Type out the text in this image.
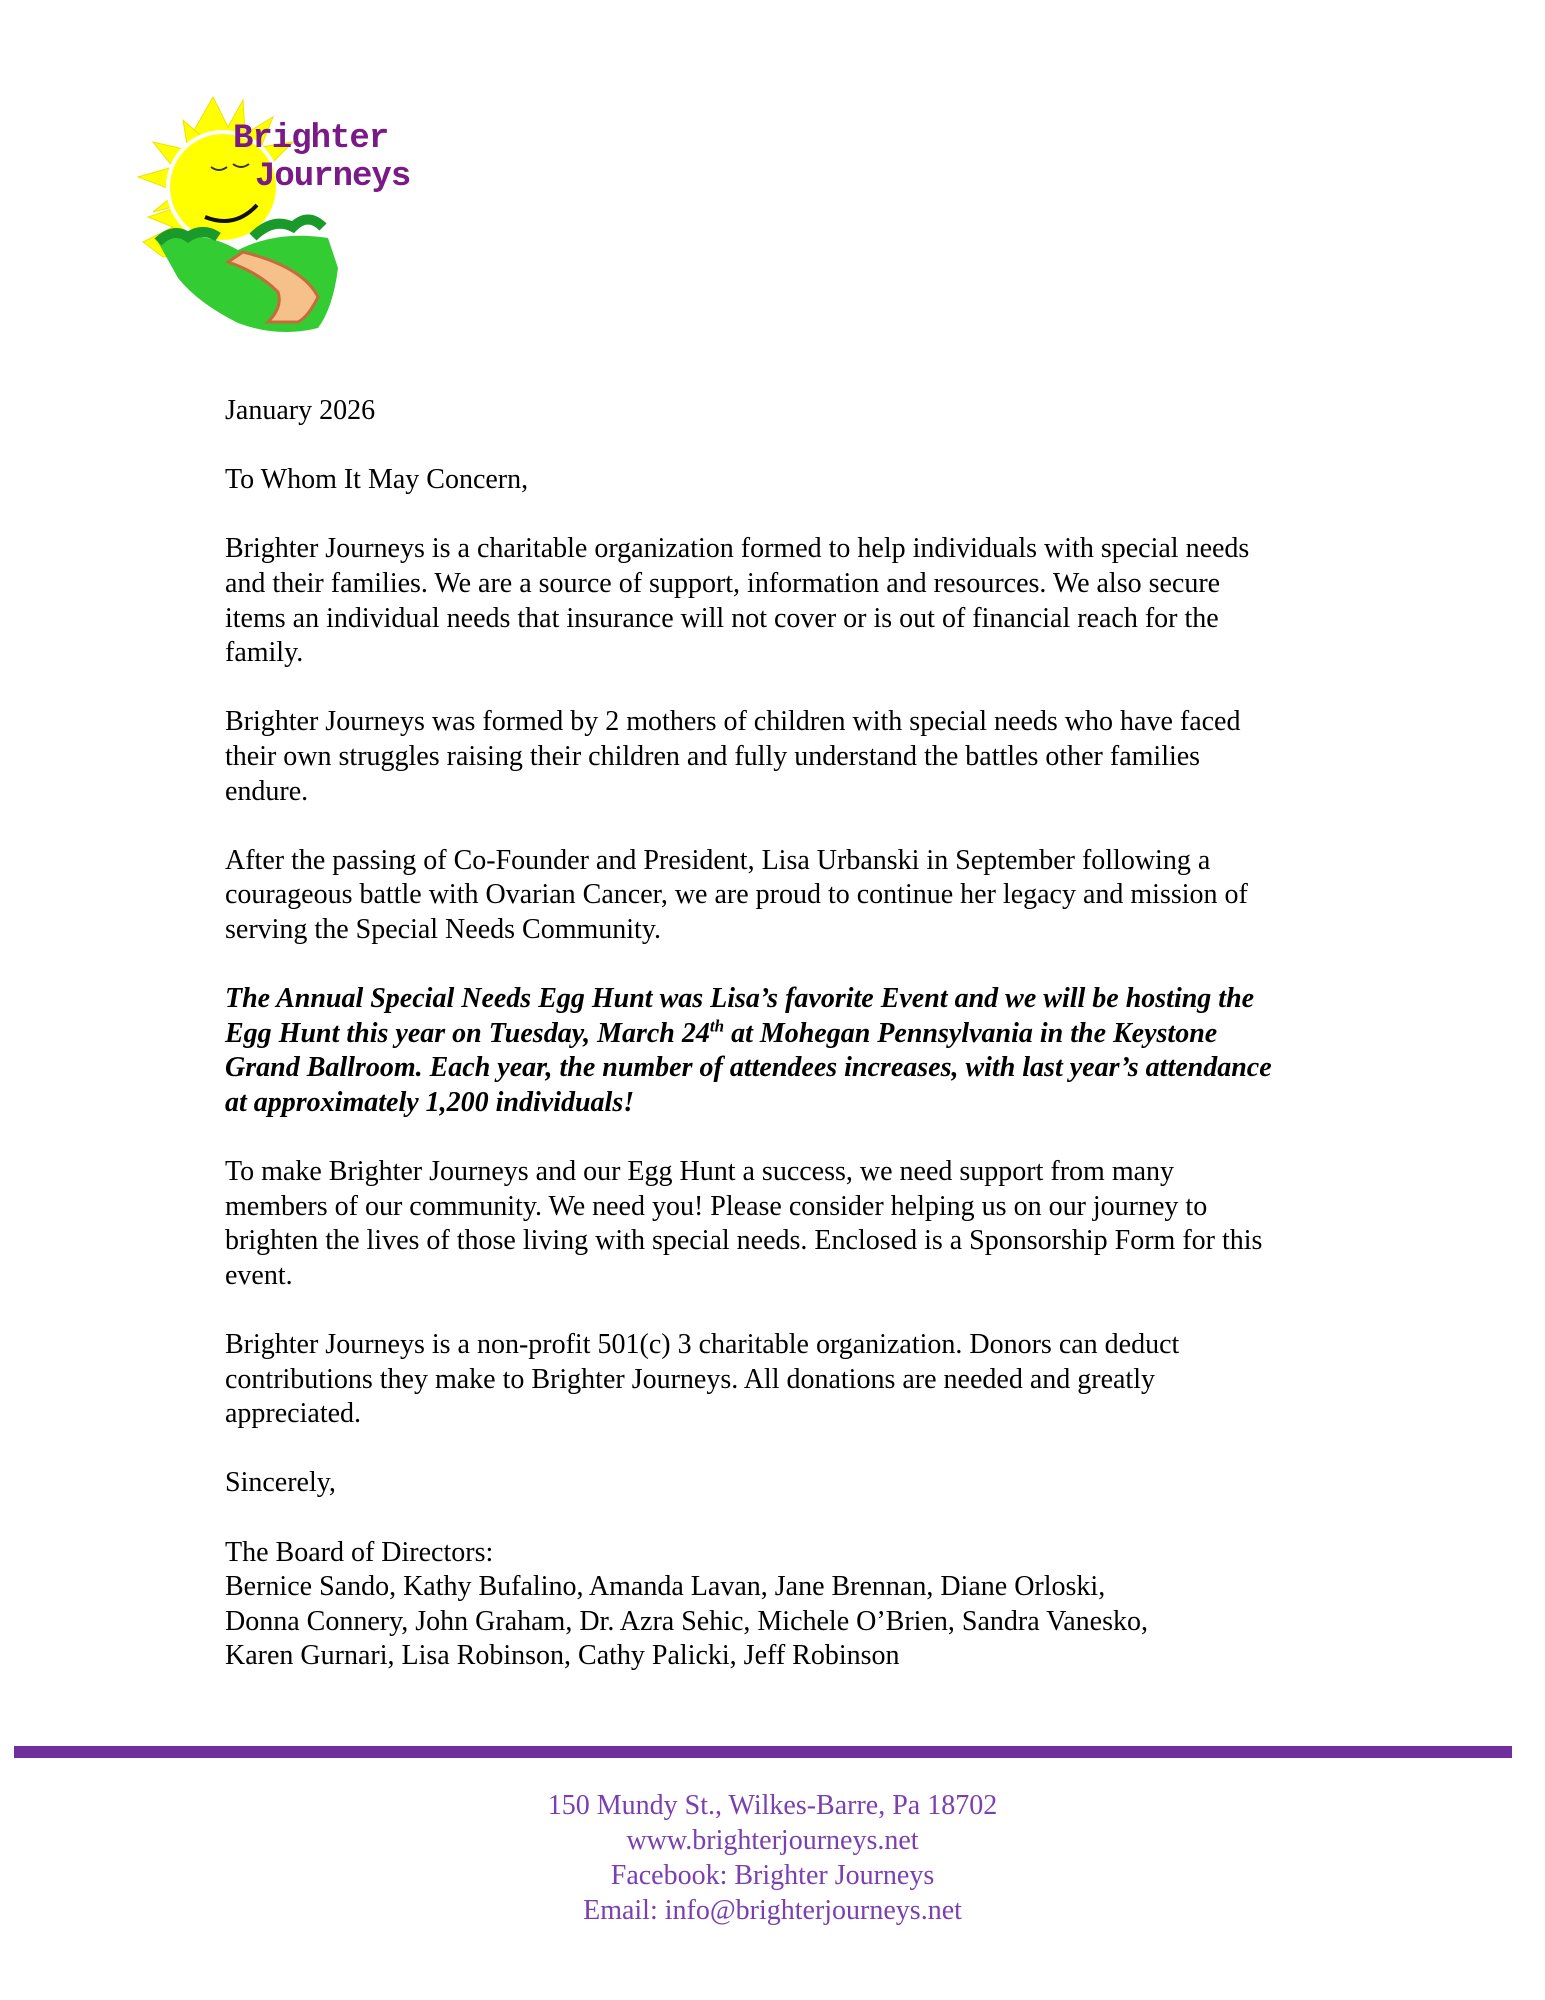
Brighter
Journeys
January 2026
To Whom It May Concern,
Brighter Journeys is a charitable organization formed to help individuals with special needs
and their families. We are a source of support, information and resources. We also secure
items an individual needs that insurance will not cover or is out of financial reach for the
family.
Brighter Journeys was formed by 2 mothers of children with special needs who have faced
their own struggles raising their children and fully understand the battles other families
endure.
After the passing of Co-Founder and President, Lisa Urbanski in September following a
courageous battle with Ovarian Cancer, we are proud to continue her legacy and mission of
serving the Special Needs Community.
The Annual Special Needs Egg Hunt was Lisa’s favorite Event and we will be hosting the
Egg Hunt this year on Tuesday, March 24th at Mohegan Pennsylvania in the Keystone
Grand Ballroom. Each year, the number of attendees increases, with last year’s attendance
at approximately 1,200 individuals!
To make Brighter Journeys and our Egg Hunt a success, we need support from many
members of our community. We need you! Please consider helping us on our journey to
brighten the lives of those living with special needs. Enclosed is a Sponsorship Form for this
event.
Brighter Journeys is a non-profit 501(c) 3 charitable organization. Donors can deduct
contributions they make to Brighter Journeys. All donations are needed and greatly
appreciated.
Sincerely,
The Board of Directors:
Bernice Sando, Kathy Bufalino, Amanda Lavan, Jane Brennan, Diane Orloski,
Donna Connery, John Graham, Dr. Azra Sehic, Michele O’Brien, Sandra Vanesko,
Karen Gurnari, Lisa Robinson, Cathy Palicki, Jeff Robinson
150 Mundy St., Wilkes-Barre, Pa 18702
www.brighterjourneys.net
Facebook: Brighter Journeys
Email: info@brighterjourneys.net
